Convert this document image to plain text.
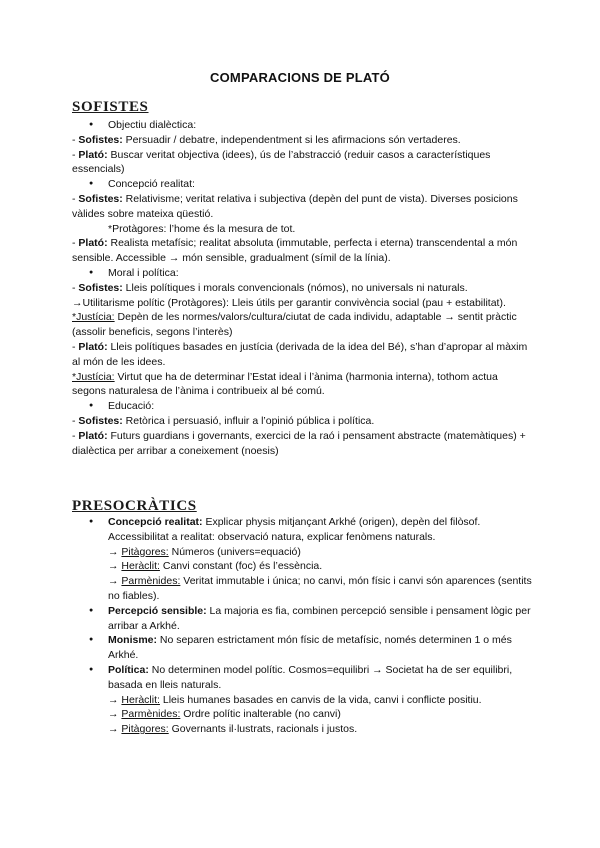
COMPARACIONS DE PLATÓ
SOFISTES

● Objectiu dialèctica:

- Sofistes: Persuadir / debatre, independentment si les afirmacions són vertaderes.

- Plató: Buscar veritat objectiva (idees), ús de l’abstracció (reduir casos a característiques essencials)

● Concepció realitat:

- Sofistes: Relativisme; veritat relativa i subjectiva (depèn del punt de vista). Diverses posicions vàlides sobre mateixa qüestió.

*Protàgores: l’home és la mesura de tot.

- Plató: Realista metafísic; realitat absoluta (immutable, perfecta i eterna) transcendental a món sensible. Accessible → món sensible, gradualment (símil de la línia).

● Moral i política:

- Sofistes: Lleis polítiques i morals convencionals (nómos), no universals ni naturals.

→Utilitarisme polític (Protàgores): Lleis útils per garantir convivència social (pau + estabilitat).

*Justícia: Depèn de les normes/valors/cultura/ciutat de cada individu, adaptable → sentit pràctic (assolir beneficis, segons l’interès)

- Plató: Lleis polítiques basades en justícia (derivada de la idea del Bé), s’han d’apropar al màxim al món de les idees.

*Justícia: Virtut que ha de determinar l’Estat ideal i l’ànima (harmonia interna), tothom actua segons naturalesa de l’ànima i contribueix al bé comú.

● Educació:

- Sofistes: Retòrica i persuasió, influir a l’opinió pública i política.

- Plató: Futurs guardians i governants, exercici de la raó i pensament abstracte (matemàtiques) + dialèctica per arribar a coneixement (noesis)

PRESOCRÀTICS

● Concepció realitat: Explicar physis mitjançant Arkhé (origen), depèn del filòsof. Accessibilitat a realitat: observació natura, explicar fenòmens naturals.

→ Pitàgores: Números (univers=equació)

→ Heràclit: Canvi constant (foc) és l’essència.

→ Parmènides: Veritat immutable i única; no canvi, món físic i canvi són aparences (sentits no fiables).

● Percepció sensible: La majoria es fia, combinen percepció sensible i pensament lògic per arribar a Arkhé.

● Monisme: No separen estrictament món físic de metafísic, només determinen 1 o més Arkhé.

● Política: No determinen model polític. Cosmos=equilibri → Societat ha de ser equilibri, basada en lleis naturals.

→ Heràclit: Lleis humanes basades en canvis de la vida, canvi i conflicte positiu.

→ Parmènides: Ordre polític inalterable (no canvi)

→ Pitàgores: Governants il·lustrats, racionals i justos.
